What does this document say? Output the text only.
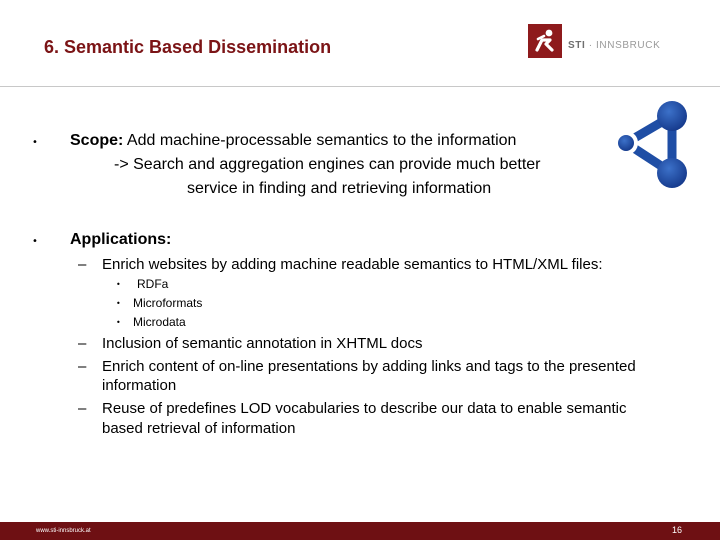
6. Semantic Based Dissemination	STI · INNSBRUCK
• Scope: Add machine-processable semantics to the information
-> Search and aggregation engines can provide much better
service in finding and retrieving information
• Applications:
– Enrich websites by adding machine readable semantics to HTML/XML files:
• RDFa
• Microformats
• Microdata
– Inclusion of semantic annotation in XHTML docs
– Enrich content of on-line presentations by adding links and tags to the presented
information
– Reuse of predefines LOD vocabularies to describe our data to enable semantic
based retrieval of information
www.sti-innsbruck.at	16
